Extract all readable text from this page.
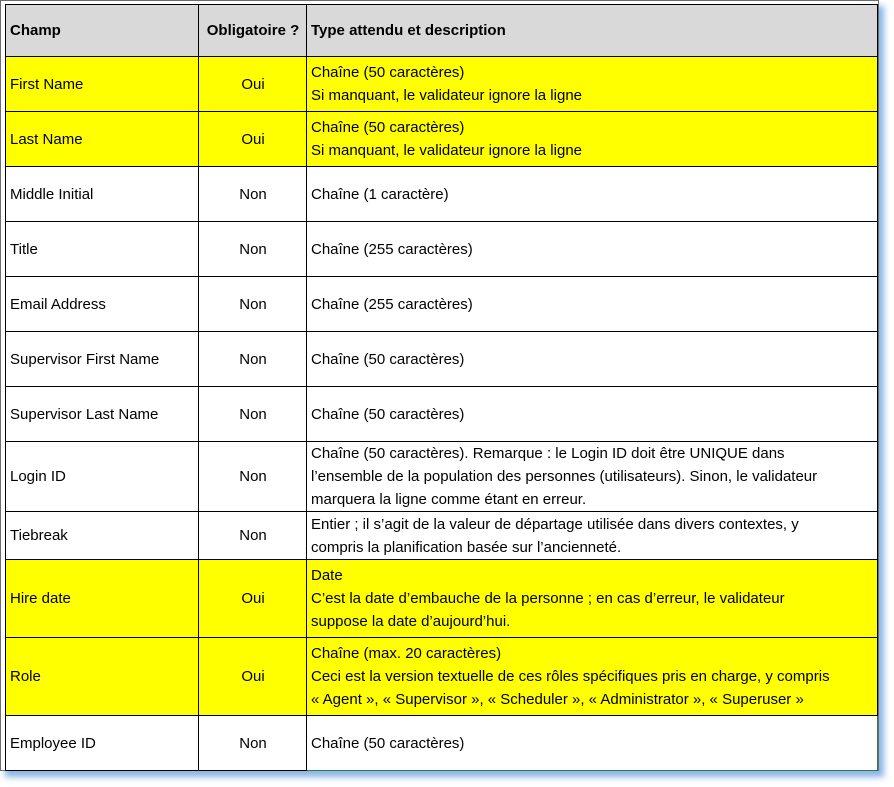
Champ	Obligatoire ?	Type attendu et description
First Name	Oui	Chaîne (50 caractères)
Si manquant, le validateur ignore la ligne

Last Name	Oui	Chaîne (50 caractères)
Si manquant, le validateur ignore la ligne

Middle Initial	Non	Chaîne (1 caractère)

Title	Non	Chaîne (255 caractères)

Email Address	Non	Chaîne (255 caractères)

Supervisor First Name	Non	Chaîne (50 caractères)

Supervisor Last Name	Non	Chaîne (50 caractères)

Login ID	Non	Chaîne (50 caractères). Remarque : le Login ID doit être UNIQUE dans
l’ensemble de la population des personnes (utilisateurs). Sinon, le validateur
marquera la ligne comme étant en erreur.

Tiebreak	Non	Entier ; il s’agit de la valeur de départage utilisée dans divers contextes, y
compris la planification basée sur l’ancienneté.

Hire date	Oui	Date
C’est la date d’embauche de la personne ; en cas d’erreur, le validateur
suppose la date d’aujourd’hui.

Role	Oui	Chaîne (max. 20 caractères)
Ceci est la version textuelle de ces rôles spécifiques pris en charge, y compris
« Agent », « Supervisor », « Scheduler », « Administrator », « Superuser »

Employee ID	Non	Chaîne (50 caractères)
